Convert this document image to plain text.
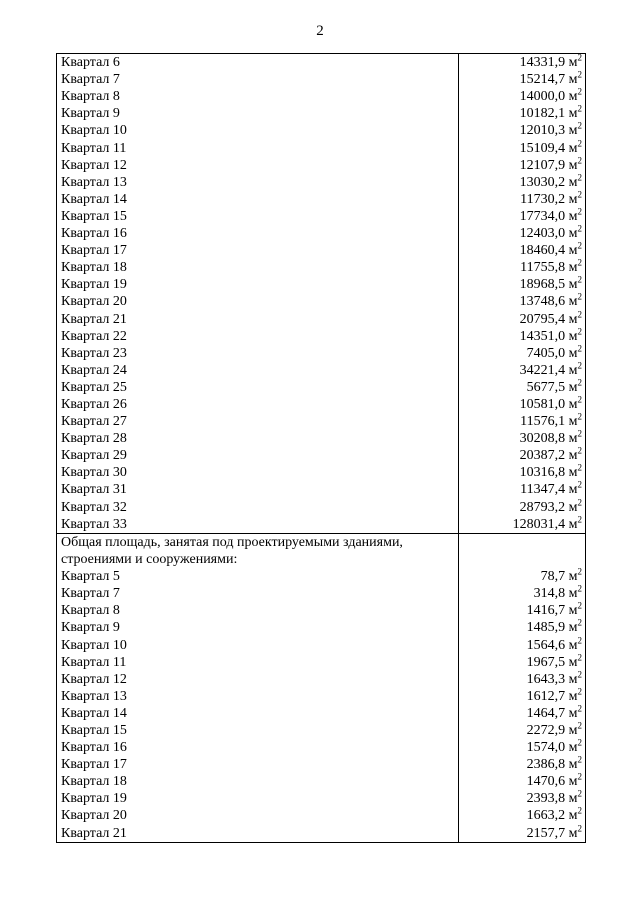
2
Квартал 6	14331,9 $м^2$
Квартал 7	15214,7 $м^2$
Квартал 8	14000,0 $м^2$
Квартал 9	10182,1 $м^2$
Квартал 10	12010,3 $м^2$
Квартал 11	15109,4 $м^2$
Квартал 12	12107,9 $м^2$
Квартал 13	13030,2 $м^2$
Квартал 14	11730,2 $м^2$
Квартал 15	17734,0 $м^2$
Квартал 16	12403,0 $м^2$
Квартал 17	18460,4 $м^2$
Квартал 18	11755,8 $м^2$
Квартал 19	18968,5 $м^2$
Квартал 20	13748,6 $м^2$
Квартал 21	20795,4 $м^2$
Квартал 22	14351,0 $м^2$
Квартал 23	7405,0 $м^2$
Квартал 24	34221,4 $м^2$
Квартал 25	5677,5 $м^2$
Квартал 26	10581,0 $м^2$
Квартал 27	11576,1 $м^2$
Квартал 28	30208,8 $м^2$
Квартал 29	20387,2 $м^2$
Квартал 30	10316,8 $м^2$
Квартал 31	11347,4 $м^2$
Квартал 32	28793,2 $м^2$
Квартал 33	128031,4 $м^2$
Общая площадь, занятая под проектируемыми зданиями, строениями и сооружениями:	
Квартал 5	78,7 $м^2$
Квартал 7	314,8 $м^2$
Квартал 8	1416,7 $м^2$
Квартал 9	1485,9 $м^2$
Квартал 10	1564,6 $м^2$
Квартал 11	1967,5 $м^2$
Квартал 12	1643,3 $м^2$
Квартал 13	1612,7 $м^2$
Квартал 14	1464,7 $м^2$
Квартал 15	2272,9 $м^2$
Квартал 16	1574,0 $м^2$
Квартал 17	2386,8 $м^2$
Квартал 18	1470,6 $м^2$
Квартал 19	2393,8 $м^2$
Квартал 20	1663,2 $м^2$
Квартал 21	2157,7 $м^2$
